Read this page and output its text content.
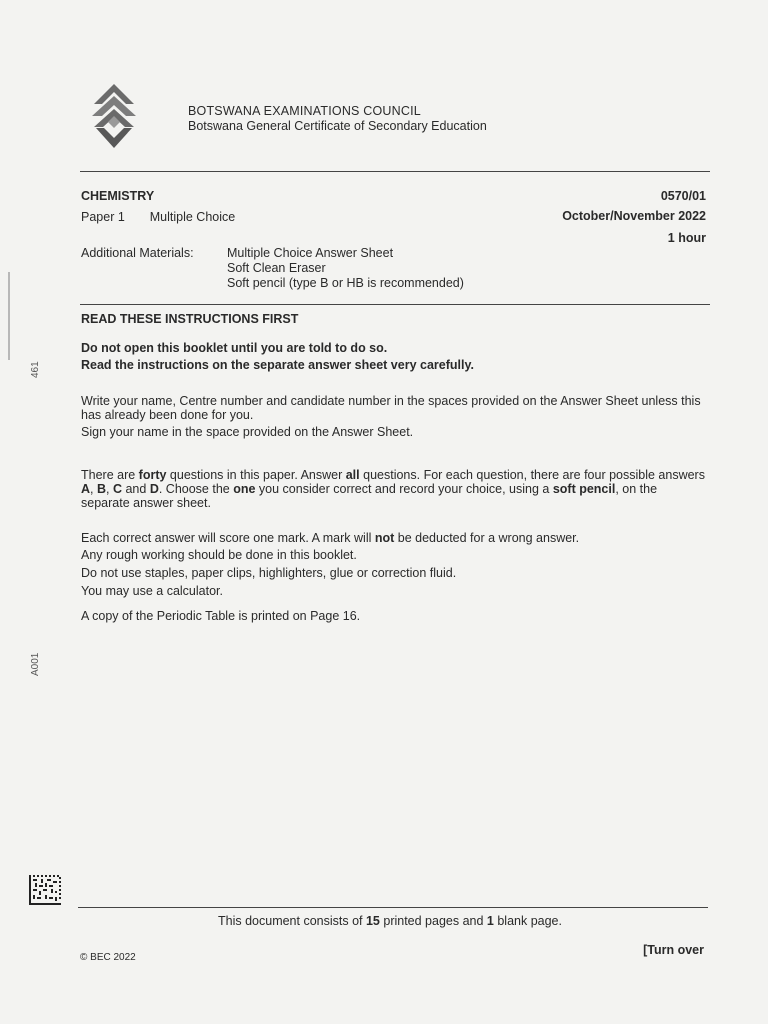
BOTSWANA EXAMINATIONS COUNCIL
Botswana General Certificate of Secondary Education
CHEMISTRY
Paper 1 Multiple Choice
0570/01
October/November 2022
1 hour
Additional Materials:	Multiple Choice Answer Sheet
Soft Clean Eraser
Soft pencil (type B or HB is recommended)
READ THESE INSTRUCTIONS FIRST
Do not open this booklet until you are told to do so.
Read the instructions on the separate answer sheet very carefully.
Write your name, Centre number and candidate number in the spaces provided on the Answer Sheet unless this has already been done for you.
Sign your name in the space provided on the Answer Sheet.
There are forty questions in this paper. Answer all questions. For each question, there are four possible answers A, B, C and D. Choose the one you consider correct and record your choice, using a soft pencil, on the separate answer sheet.
Each correct answer will score one mark. A mark will not be deducted for a wrong answer.
Any rough working should be done in this booklet.
Do not use staples, paper clips, highlighters, glue or correction fluid.
You may use a calculator.
A copy of the Periodic Table is printed on Page 16.
461
A001
This document consists of 15 printed pages and 1 blank page.
© BEC 2022
[Turn over
